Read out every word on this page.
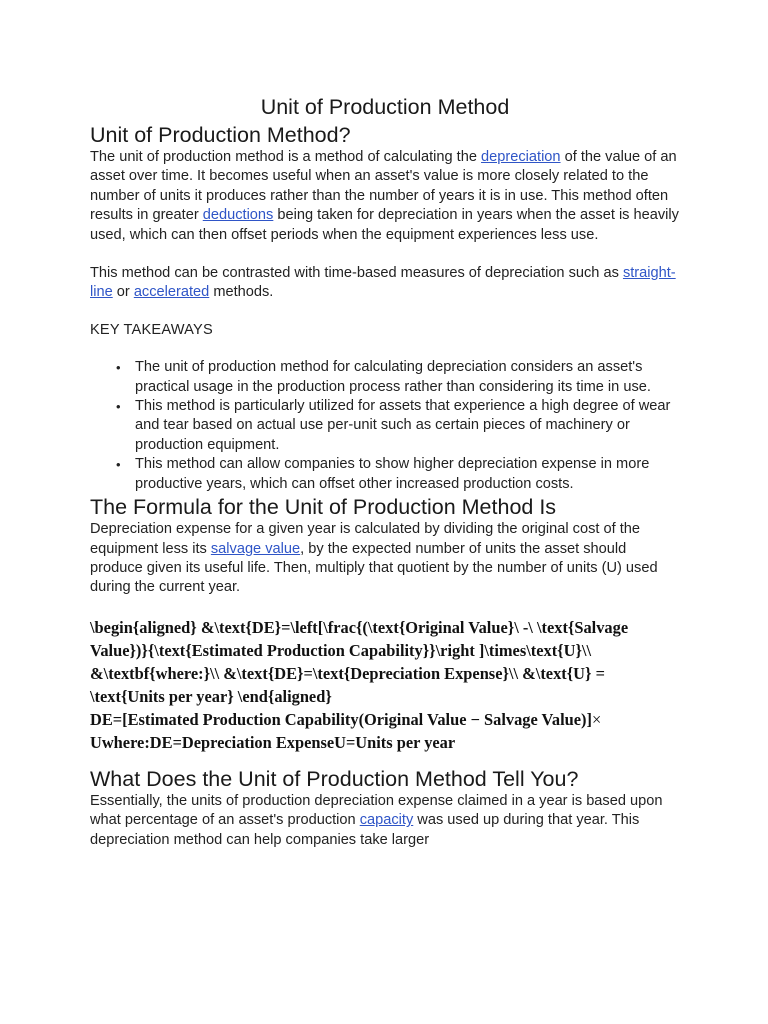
Unit of Production Method
Unit of Production Method?

The unit of production method is a method of calculating the depreciation of the value of an asset over time. It becomes useful when an asset's value is more closely related to the number of units it produces rather than the number of years it is in use. This method often results in greater deductions being taken for depreciation in years when the asset is heavily used, which can then offset periods when the equipment experiences less use.

This method can be contrasted with time-based measures of depreciation such as straight-line or accelerated methods.

KEY TAKEAWAYS

• The unit of production method for calculating depreciation considers an asset's practical usage in the production process rather than considering its time in use.
• This method is particularly utilized for assets that experience a high degree of wear and tear based on actual use per-unit such as certain pieces of machinery or production equipment.
• This method can allow companies to show higher depreciation expense in more productive years, which can offset other increased production costs.
The Formula for the Unit of Production Method Is

Depreciation expense for a given year is calculated by dividing the original cost of the equipment less its salvage value, by the expected number of units the asset should produce given its useful life. Then, multiply that quotient by the number of units (U) used during the current year.

\begin{aligned} &\text{DE}=\left[\frac{(\text{Original Value}\ -\ \text{Salvage Value})}{\text{Estimated Production Capability}}\right ]\times\text{U}\\ &\textbf{where:}\\ &\text{DE}=\text{Depreciation Expense}\\ &\text{U} = \text{Units per year} \end{aligned}
DE=[Estimated Production Capability(Original Value − Salvage Value)]×
Uwhere:DE=Depreciation ExpenseU=Units per year
What Does the Unit of Production Method Tell You?

Essentially, the units of production depreciation expense claimed in a year is based upon what percentage of an asset's production capacity was used up during that year. This depreciation method can help companies take larger
